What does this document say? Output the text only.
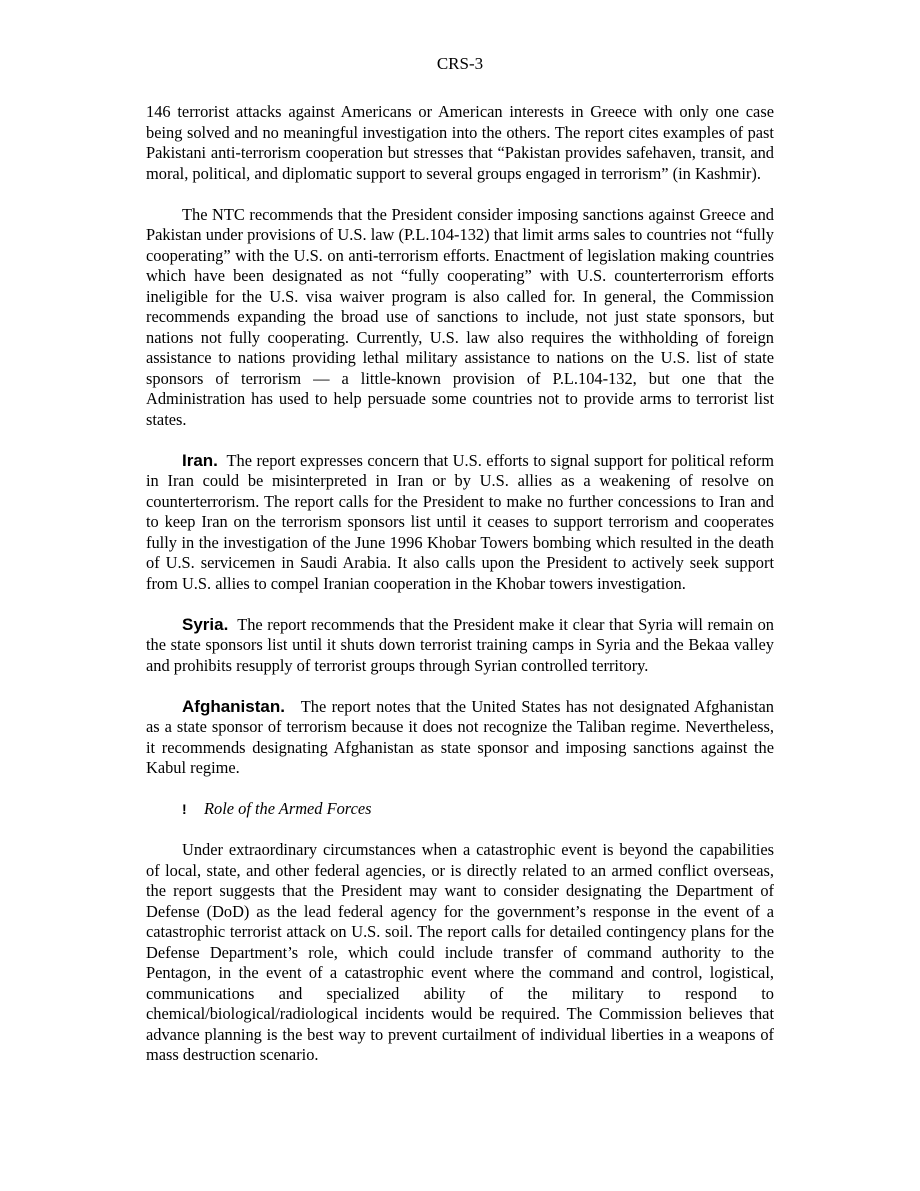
CRS-3

146 terrorist attacks against Americans or American interests in Greece with only one case being solved and no meaningful investigation into the others. The report cites examples of past Pakistani anti-terrorism cooperation but stresses that “Pakistan provides safehaven, transit, and moral, political, and diplomatic support to several groups engaged in terrorism” (in Kashmir).

The NTC recommends that the President consider imposing sanctions against Greece and Pakistan under provisions of U.S. law (P.L.104-132) that limit arms sales to countries not “fully cooperating” with the U.S. on anti-terrorism efforts. Enactment of legislation making countries which have been designated as not “fully cooperating” with U.S. counterterrorism efforts ineligible for the U.S. visa waiver program is also called for. In general, the Commission recommends expanding the broad use of sanctions to include, not just state sponsors, but nations not fully cooperating. Currently, U.S. law also requires the withholding of foreign assistance to nations providing lethal military assistance to nations on the U.S. list of state sponsors of terrorism — a little-known provision of P.L.104-132, but one that the Administration has used to help persuade some countries not to provide arms to terrorist list states.

Iran. The report expresses concern that U.S. efforts to signal support for political reform in Iran could be misinterpreted in Iran or by U.S. allies as a weakening of resolve on counterterrorism. The report calls for the President to make no further concessions to Iran and to keep Iran on the terrorism sponsors list until it ceases to support terrorism and cooperates fully in the investigation of the June 1996 Khobar Towers bombing which resulted in the death of U.S. servicemen in Saudi Arabia. It also calls upon the President to actively seek support from U.S. allies to compel Iranian cooperation in the Khobar towers investigation.

Syria. The report recommends that the President make it clear that Syria will remain on the state sponsors list until it shuts down terrorist training camps in Syria and the Bekaa valley and prohibits resupply of terrorist groups through Syrian controlled territory.

Afghanistan. The report notes that the United States has not designated Afghanistan as a state sponsor of terrorism because it does not recognize the Taliban regime. Nevertheless, it recommends designating Afghanistan as state sponsor and imposing sanctions against the Kabul regime.

! Role of the Armed Forces

Under extraordinary circumstances when a catastrophic event is beyond the capabilities of local, state, and other federal agencies, or is directly related to an armed conflict overseas, the report suggests that the President may want to consider designating the Department of Defense (DoD) as the lead federal agency for the government’s response in the event of a catastrophic terrorist attack on U.S. soil. The report calls for detailed contingency plans for the Defense Department’s role, which could include transfer of command authority to the Pentagon, in the event of a catastrophic event where the command and control, logistical, communications and specialized ability of the military to respond to chemical/biological/radiological incidents would be required. The Commission believes that advance planning is the best way to prevent curtailment of individual liberties in a weapons of mass destruction scenario.
